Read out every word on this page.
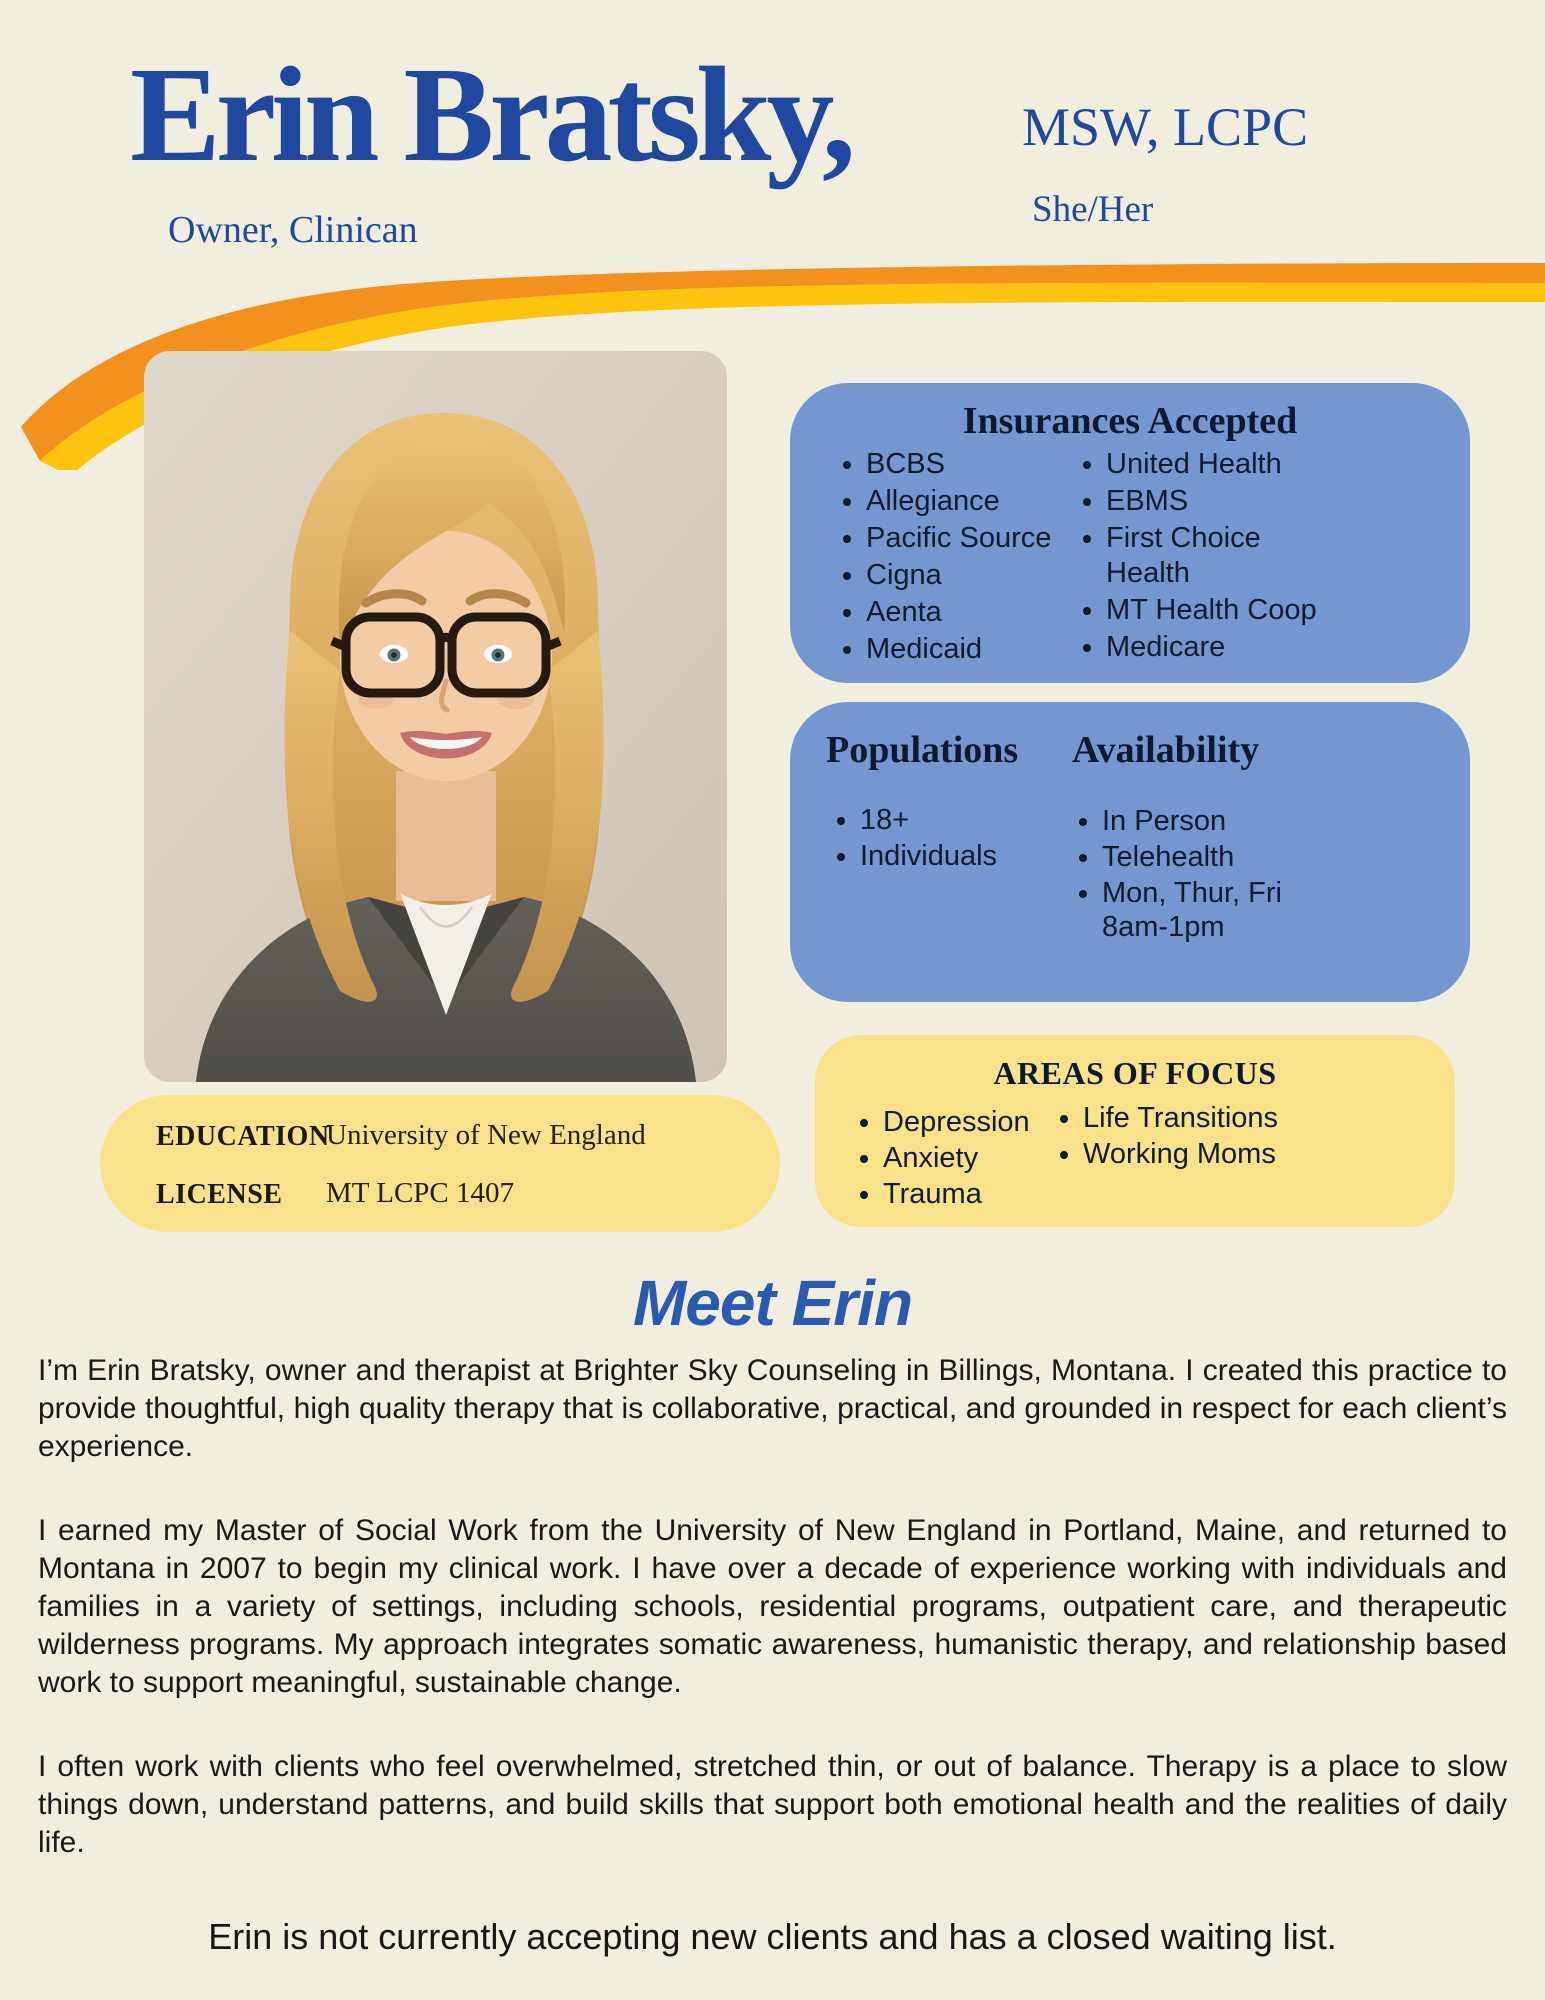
Erin Bratsky,	MSW, LCPC
She/Her
Owner, Clinican
Insurances Accepted
• BCBS
• Allegiance
• Pacific Source
• Cigna
• Aenta
• Medicaid
• United Health
• EBMS
• First Choice Health
• MT Health Coop
• Medicare
Populations Availability
• 18+
• Individuals
• In Person
• Telehealth
• Mon, Thur, Fri 8am-1pm
AREAS OF FOCUS
• Depression
• Anxiety
• Trauma
• Life Transitions
• Working Moms
EDUCATION
University of New England
LICENSE MT LCPC 1407
Meet Erin

I’m Erin Bratsky, owner and therapist at Brighter Sky Counseling in Billings, Montana. I created this practice to provide thoughtful, high quality therapy that is collaborative, practical, and grounded in respect for each client’s experience.

I earned my Master of Social Work from the University of New England in Portland, Maine, and returned to Montana in 2007 to begin my clinical work. I have over a decade of experience working with individuals and families in a variety of settings, including schools, residential programs, outpatient care, and therapeutic wilderness programs. My approach integrates somatic awareness, humanistic therapy, and relationship based work to support meaningful, sustainable change.

I often work with clients who feel overwhelmed, stretched thin, or out of balance. Therapy is a place to slow things down, understand patterns, and build skills that support both emotional health and the realities of daily life.

Erin is not currently accepting new clients and has a closed waiting list.
